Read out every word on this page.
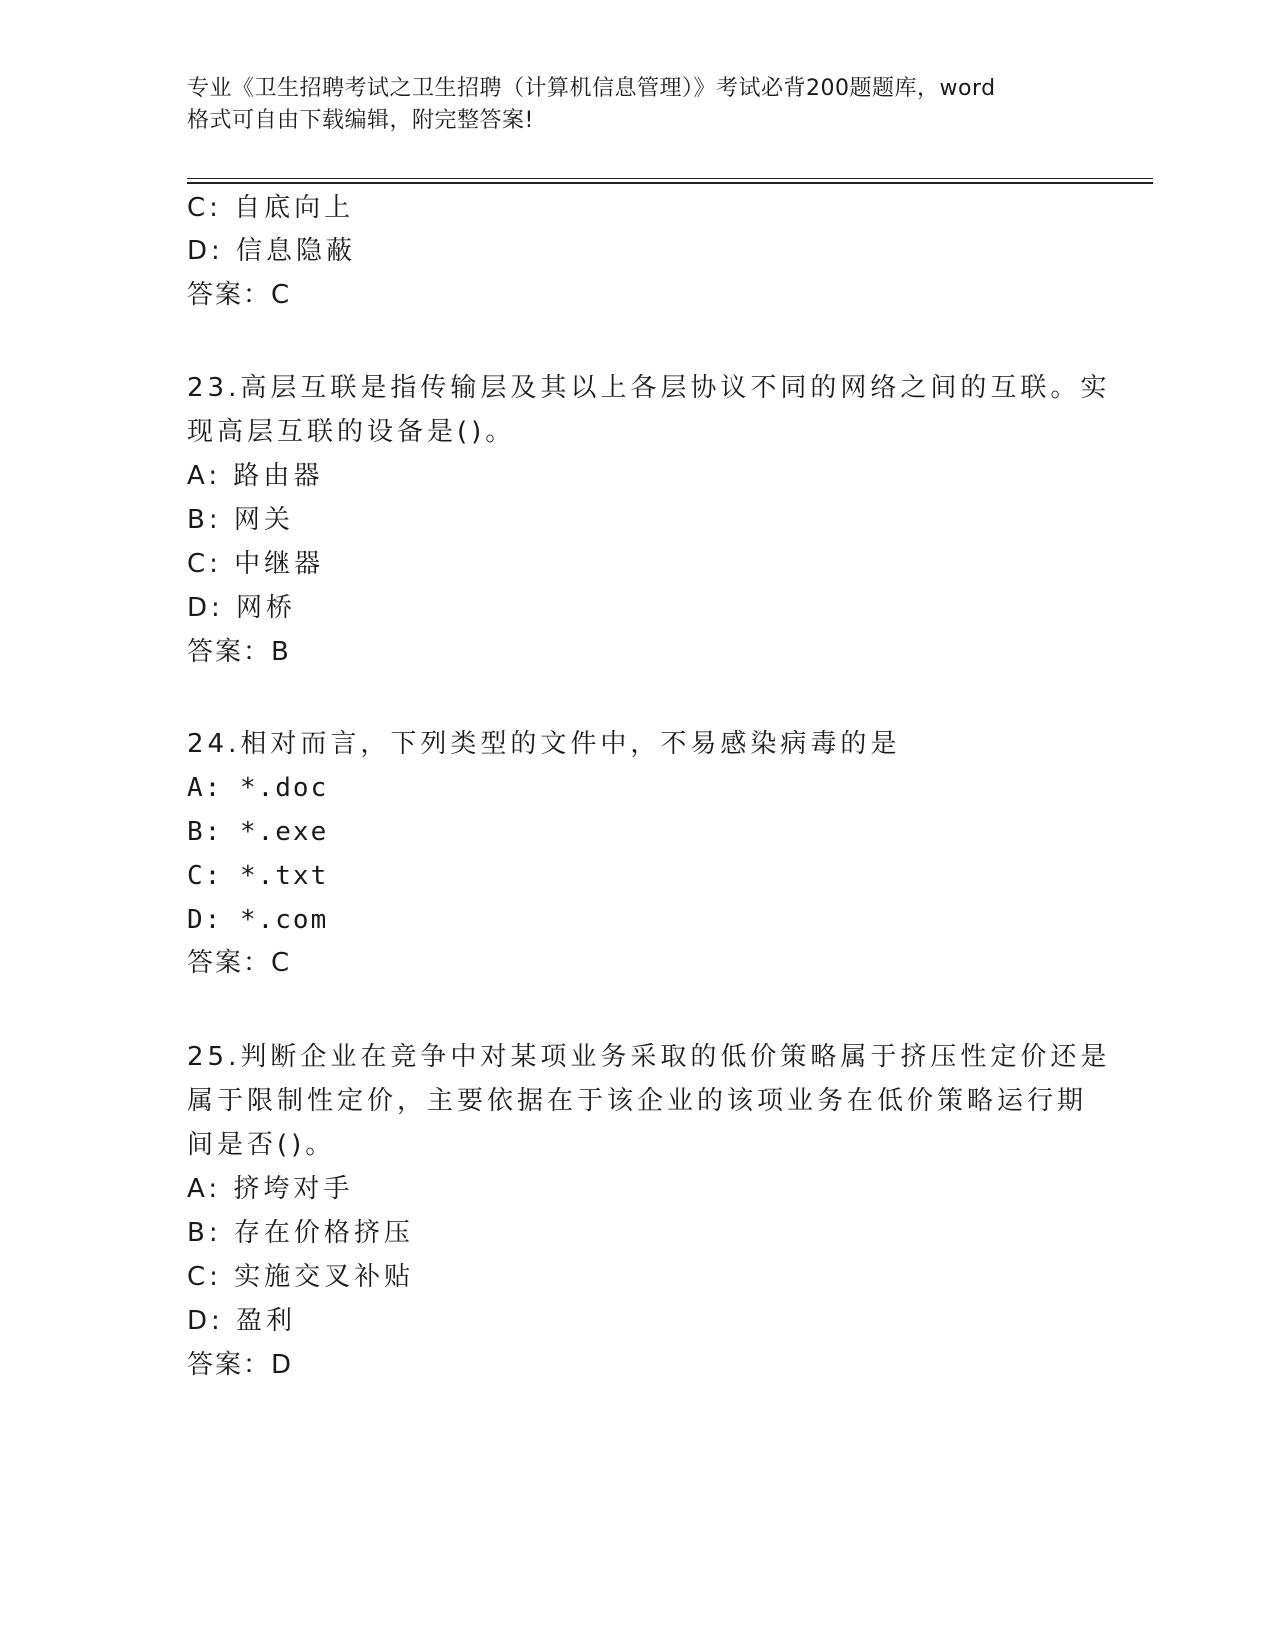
专业《卫生招聘考试之卫生招聘（计算机信息管理）》考试必背200题题库，word
格式可自由下载编辑，附完整答案!
C: 自底向上
D: 信息隐蔽
答案：C
23.高层互联是指传输层及其以上各层协议不同的网络之间的互联。实
现高层互联的设备是()。
A: 路由器
B: 网关
C: 中继器
D: 网桥
答案：B
24.相对而言，下列类型的文件中，不易感染病毒的是
A: *.doc
B: *.exe
C: *.txt
D: *.com
答案：C
25.判断企业在竞争中对某项业务采取的低价策略属于挤压性定价还是
属于限制性定价，主要依据在于该企业的该项业务在低价策略运行期
间是否()。
A: 挤垮对手
B: 存在价格挤压
C: 实施交叉补贴
D: 盈利
答案：D
